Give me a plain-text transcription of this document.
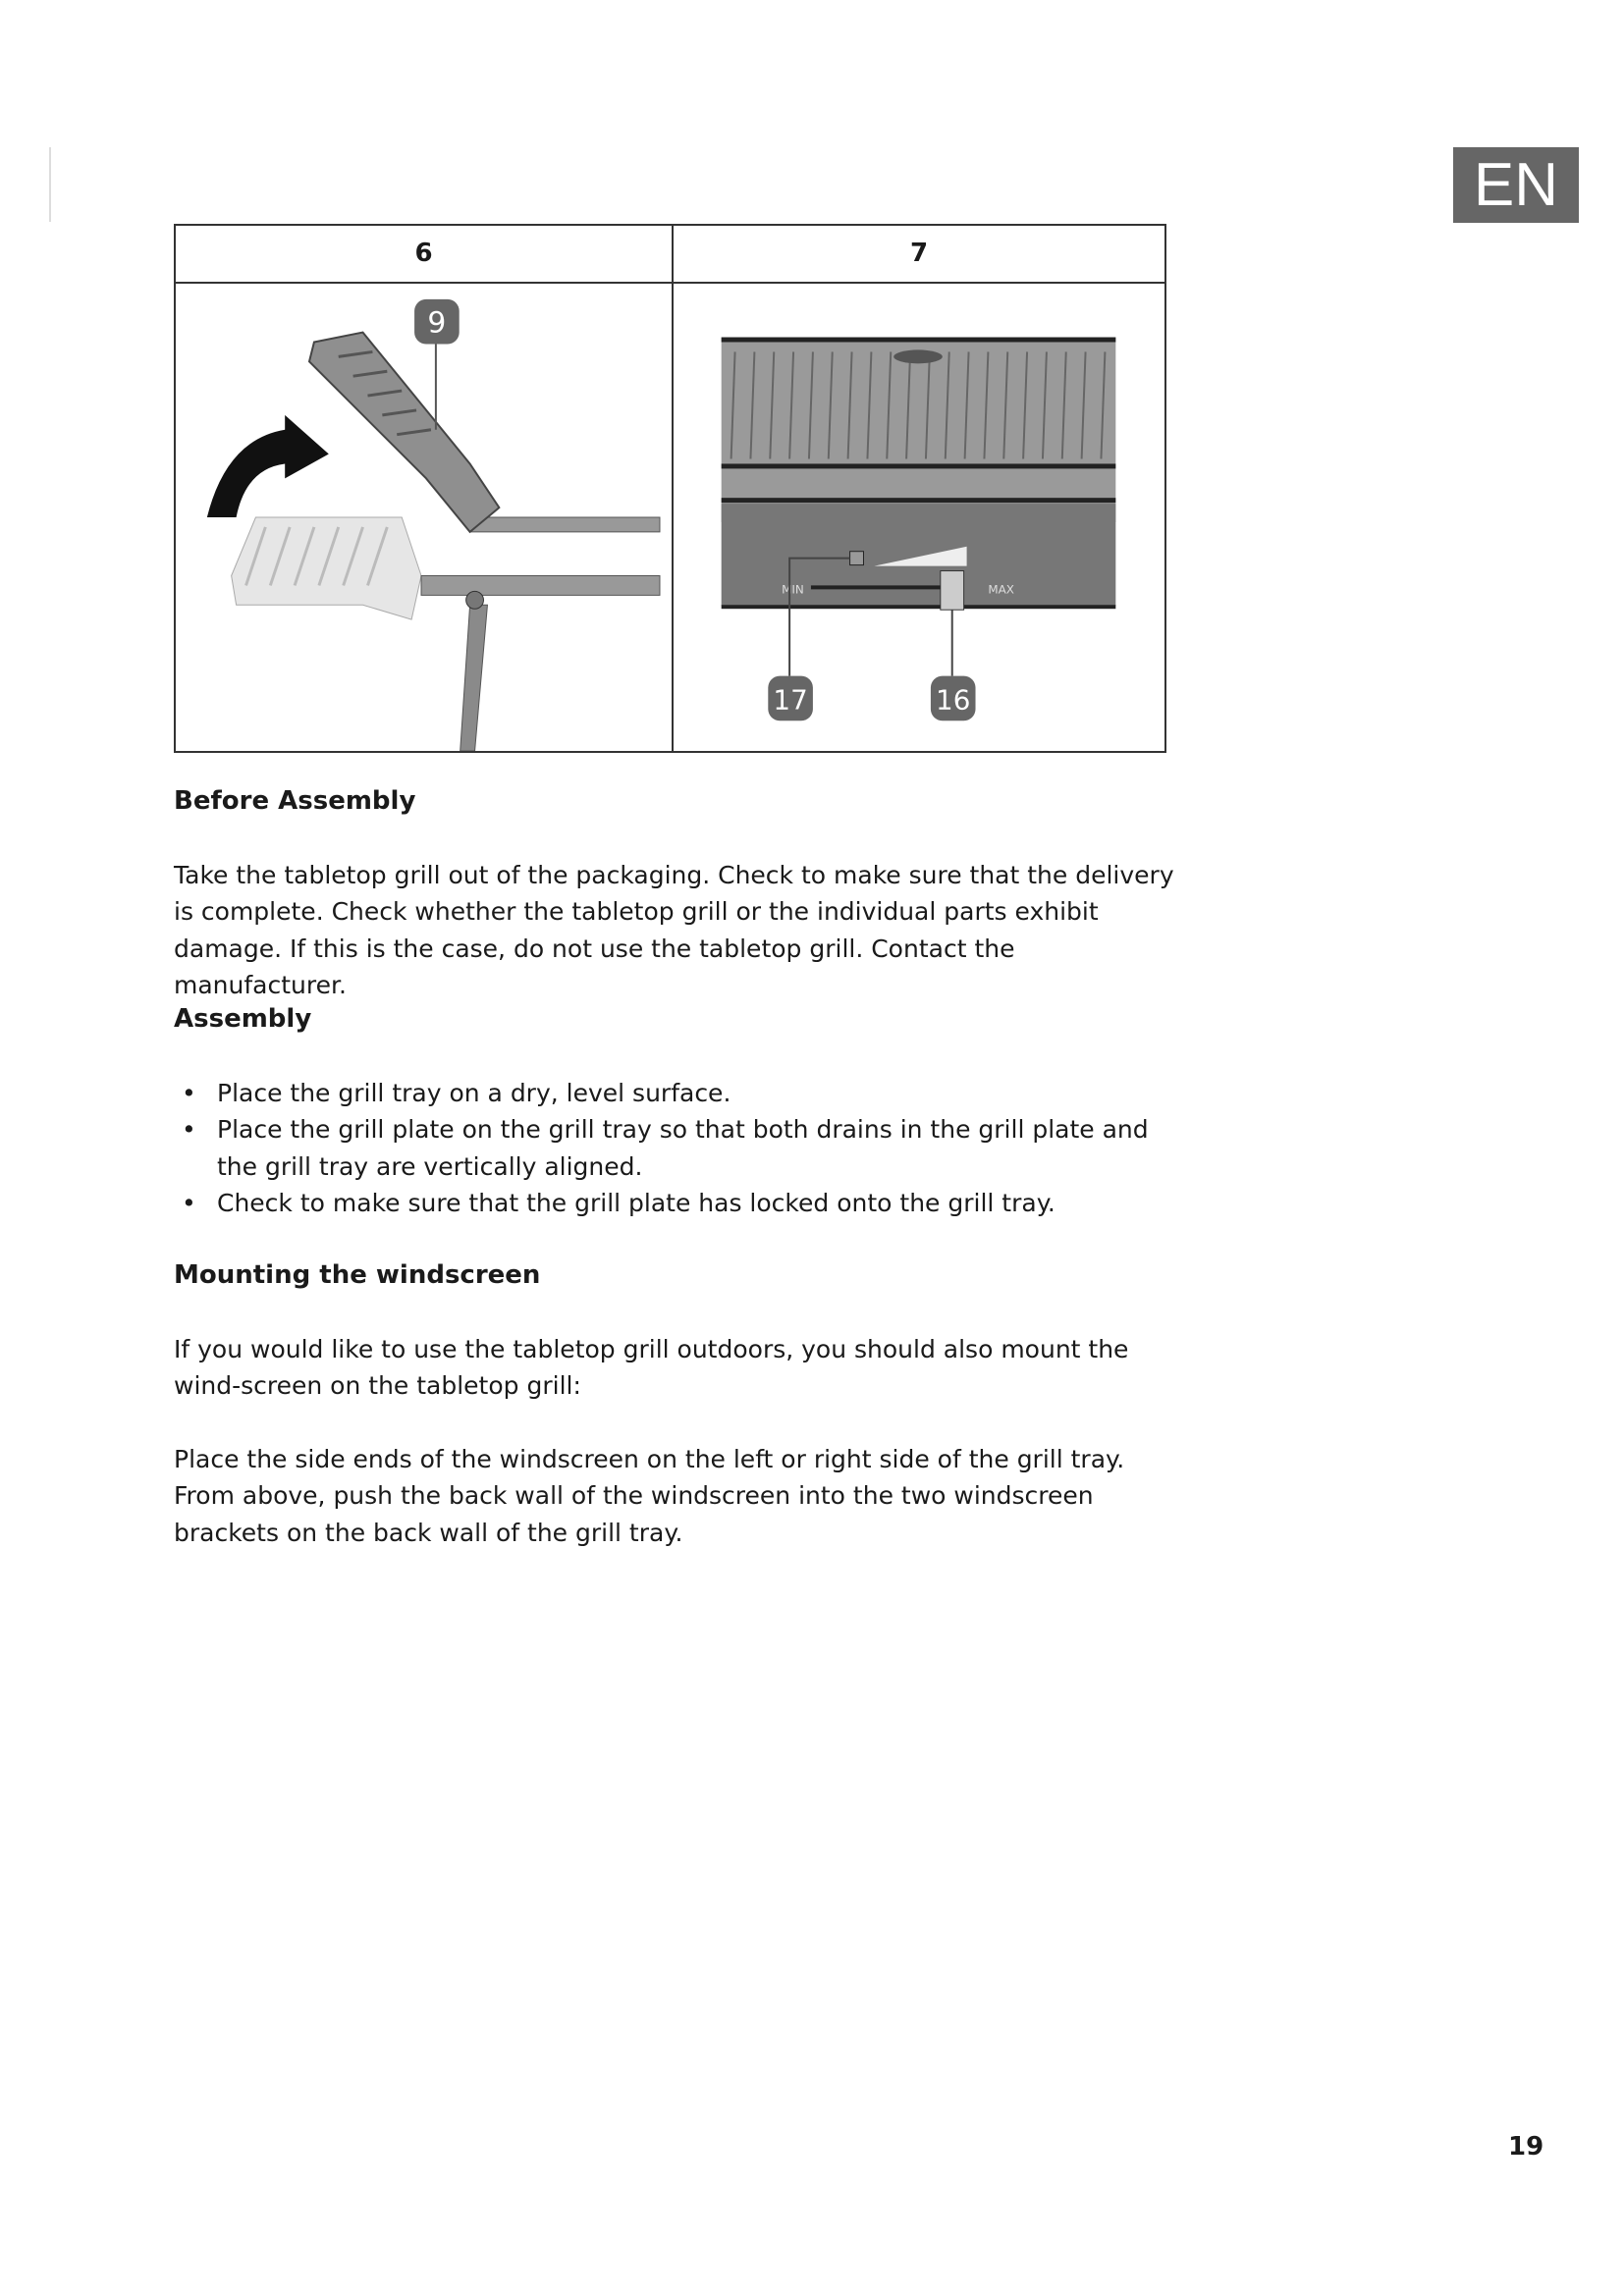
EN
6
9
7
MIN	MAX
17	16
Before Assembly

Take the tabletop grill out of the packaging. Check to make sure that the delivery is complete. Check whether the tabletop grill or the individual parts exhibit damage. If this is the case, do not use the tabletop grill. Contact the manufacturer.

Assembly
• Place the grill tray on a dry, level surface.
• Place the grill plate on the grill tray so that both drains in the grill plate and the grill tray are vertically aligned.
• Check to make sure that the grill plate has locked onto the grill tray.
Mounting the windscreen

If you would like to use the tabletop grill outdoors, you should also mount the wind-screen on the tabletop grill:

Place the side ends of the windscreen on the left or right side of the grill tray. From above, push the back wall of the windscreen into the two windscreen brackets on the back wall of the grill tray.

19
